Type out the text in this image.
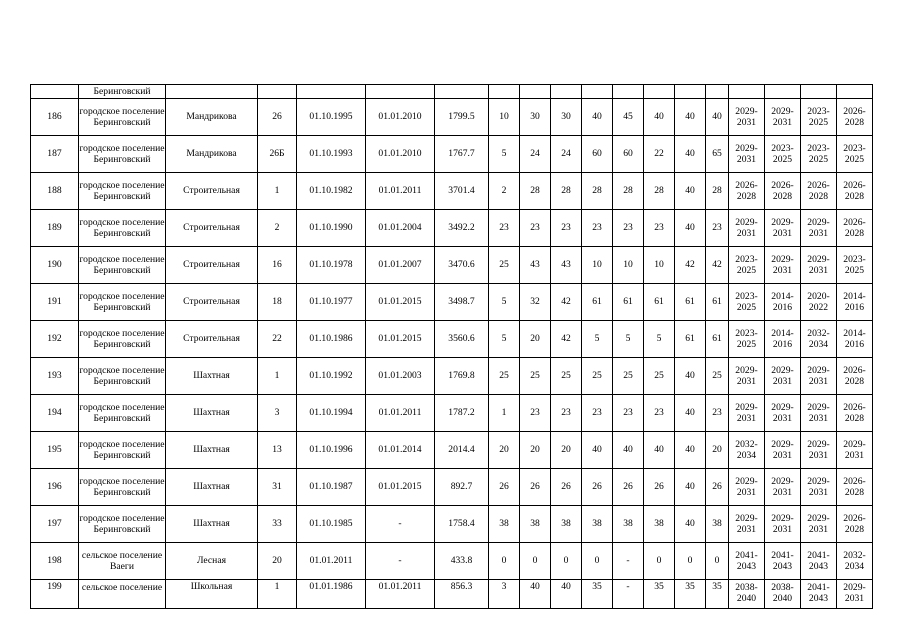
	Беринговский																	
186	городское поселение Беринговский	Мандрикова	26	01.10.1995	01.01.2010	1799.5	10	30	30	40	45	40	40	40	2029-2031	2029-2031	2023-2025	2026-2028
187	городское поселение Беринговский	Мандрикова	26Б	01.10.1993	01.01.2010	1767.7	5	24	24	60	60	22	40	65	2029-2031	2023-2025	2023-2025	2023-2025
188	городское поселение Беринговский	Строительная	1	01.10.1982	01.01.2011	3701.4	2	28	28	28	28	28	40	28	2026-2028	2026-2028	2026-2028	2026-2028
189	городское поселение Беринговский	Строительная	2	01.10.1990	01.01.2004	3492.2	23	23	23	23	23	23	40	23	2029-2031	2029-2031	2029-2031	2026-2028
190	городское поселение Беринговский	Строительная	16	01.10.1978	01.01.2007	3470.6	25	43	43	10	10	10	42	42	2023-2025	2029-2031	2029-2031	2023-2025
191	городское поселение Беринговский	Строительная	18	01.10.1977	01.01.2015	3498.7	5	32	42	61	61	61	61	61	2023-2025	2014-2016	2020-2022	2014-2016
192	городское поселение Беринговский	Строительная	22	01.10.1986	01.01.2015	3560.6	5	20	42	5	5	5	61	61	2023-2025	2014-2016	2032-2034	2014-2016
193	городское поселение Беринговский	Шахтная	1	01.10.1992	01.01.2003	1769.8	25	25	25	25	25	25	40	25	2029-2031	2029-2031	2029-2031	2026-2028
194	городское поселение Беринговский	Шахтная	3	01.10.1994	01.01.2011	1787.2	1	23	23	23	23	23	40	23	2029-2031	2029-2031	2029-2031	2026-2028
195	городское поселение Беринговский	Шахтная	13	01.10.1996	01.01.2014	2014.4	20	20	20	40	40	40	40	20	2032-2034	2029-2031	2029-2031	2029-2031
196	городское поселение Беринговский	Шахтная	31	01.10.1987	01.01.2015	892.7	26	26	26	26	26	26	40	26	2029-2031	2029-2031	2029-2031	2026-2028
197	городское поселение Беринговский	Шахтная	33	01.10.1985	-	1758.4	38	38	38	38	38	38	40	38	2029-2031	2029-2031	2029-2031	2026-2028
198	сельское поселение Ваеги	Лесная	20	01.01.2011	-	433.8	0	0	0	0	-	0	0	0	2041-2043	2041-2043	2041-2043	2032-2034
199	сельское поселение	Школьная	1	01.01.1986	01.01.2011	856.3	3	40	40	35	-	35	35	35	2038-2040	2038-2040	2041-2043	2029-2031
